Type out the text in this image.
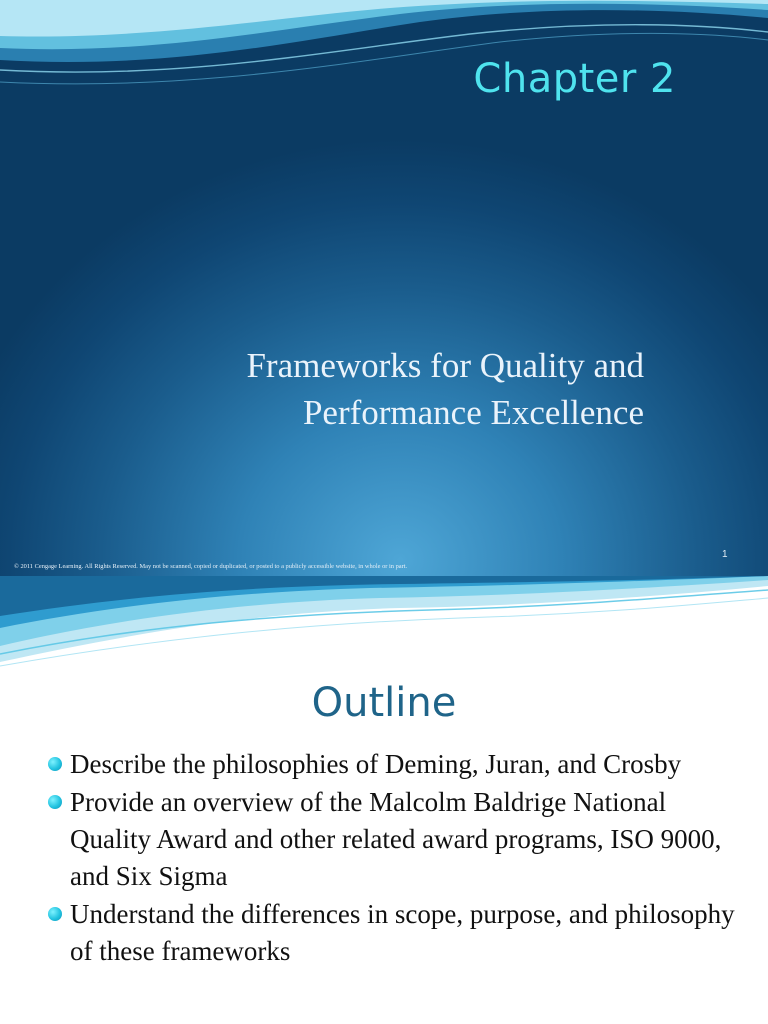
Chapter 2
Frameworks for Quality and
Performance Excellence
1
© 2011 Cengage Learning. All Rights Reserved. May not be scanned, copied or duplicated, or posted to a publicly accessible website, in whole or in part.
Outline
Describe the philosophies of Deming, Juran, and Crosby
Provide an overview of the Malcolm Baldrige National Quality Award and other related award programs, ISO 9000, and Six Sigma
Understand the differences in scope, purpose, and philosophy of these frameworks
